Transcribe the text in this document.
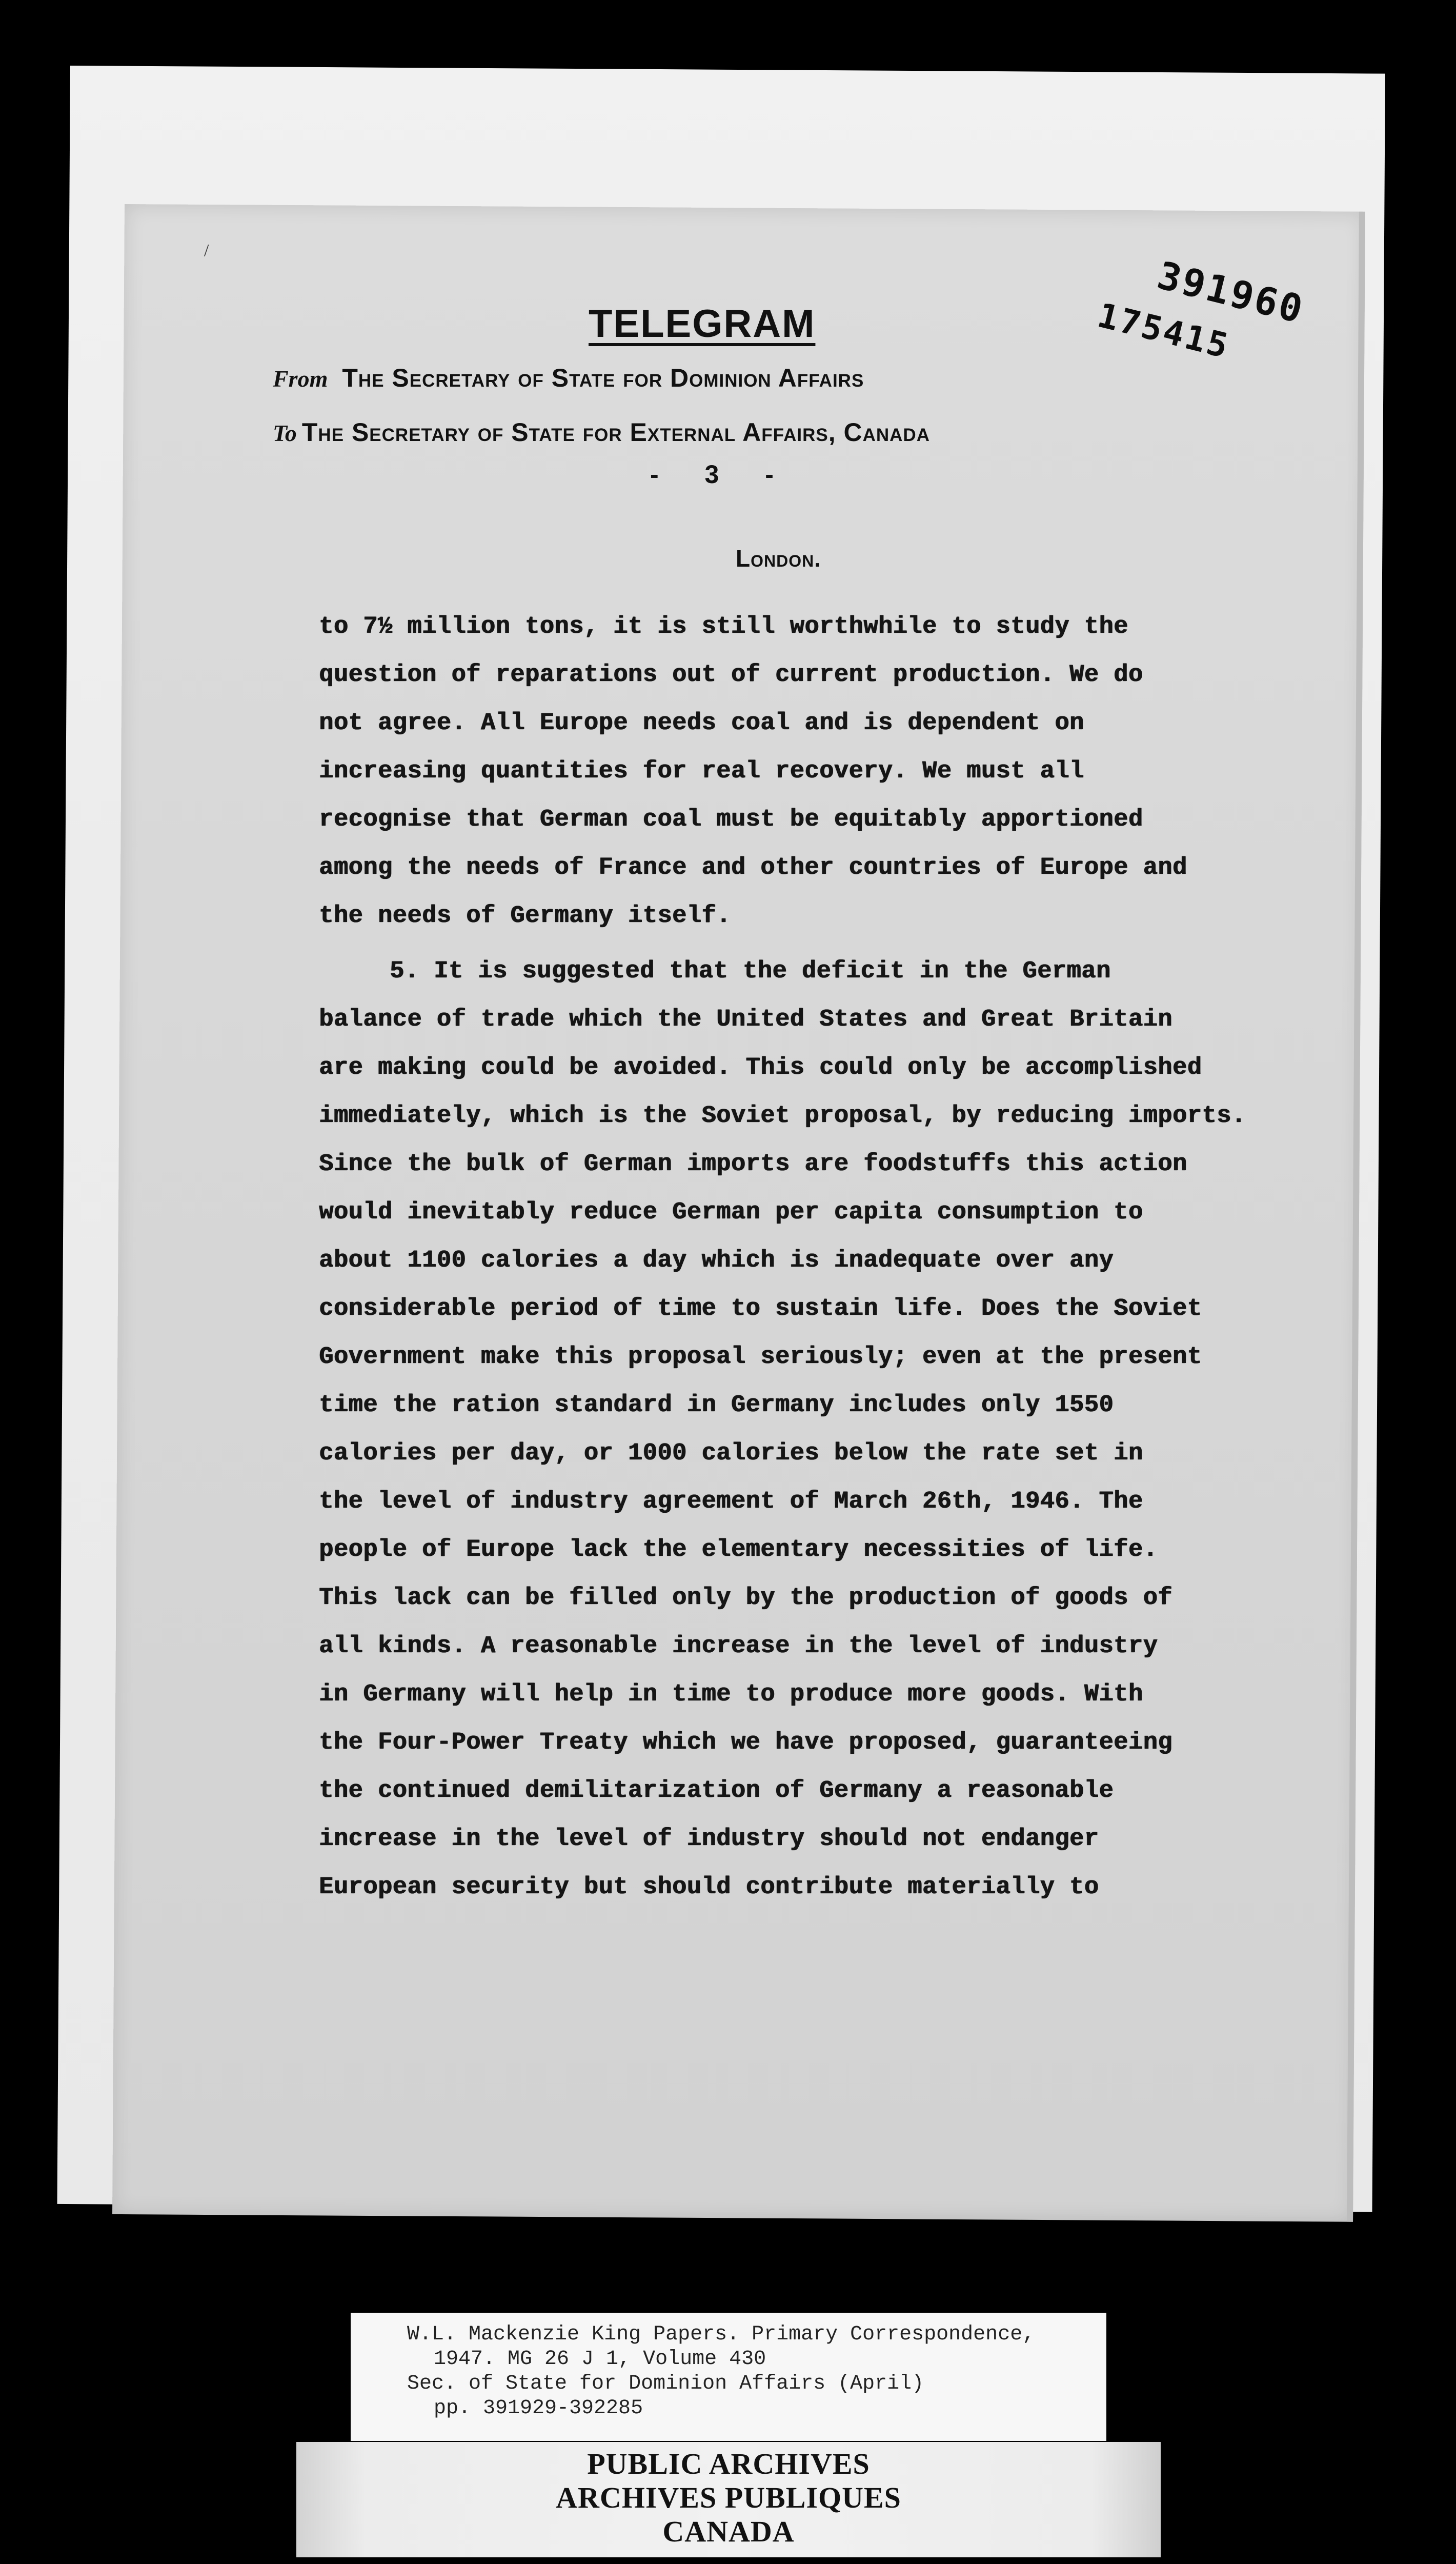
/
TELEGRAM	391960
175415
From The Secretary of State for Dominion Affairs
To The Secretary of State for External Affairs, Canada
- 3 -
London.
to 7½ million tons, it is still worthwhile to study the
question of reparations out of current production. We do
not agree. All Europe needs coal and is dependent on
increasing quantities for real recovery. We must all
recognise that German coal must be equitably apportioned
among the needs of France and other countries of Europe and
the needs of Germany itself.
5. It is suggested that the deficit in the German
balance of trade which the United States and Great Britain
are making could be avoided. This could only be accomplished
immediately, which is the Soviet proposal, by reducing imports.
Since the bulk of German imports are foodstuffs this action
would inevitably reduce German per capita consumption to
about 1100 calories a day which is inadequate over any
considerable period of time to sustain life. Does the Soviet
Government make this proposal seriously; even at the present
time the ration standard in Germany includes only 1550
calories per day, or 1000 calories below the rate set in
the level of industry agreement of March 26th, 1946. The
people of Europe lack the elementary necessities of life.
This lack can be filled only by the production of goods of
all kinds. A reasonable increase in the level of industry
in Germany will help in time to produce more goods. With
the Four-Power Treaty which we have proposed, guaranteeing
the continued demilitarization of Germany a reasonable
increase in the level of industry should not endanger
European security but should contribute materially to
W.L. Mackenzie King Papers. Primary Correspondence,
1947. MG 26 J 1, Volume 430
Sec. of State for Dominion Affairs (April)
pp. 391929-392285
PUBLIC ARCHIVES
ARCHIVES PUBLIQUES
CANADA
